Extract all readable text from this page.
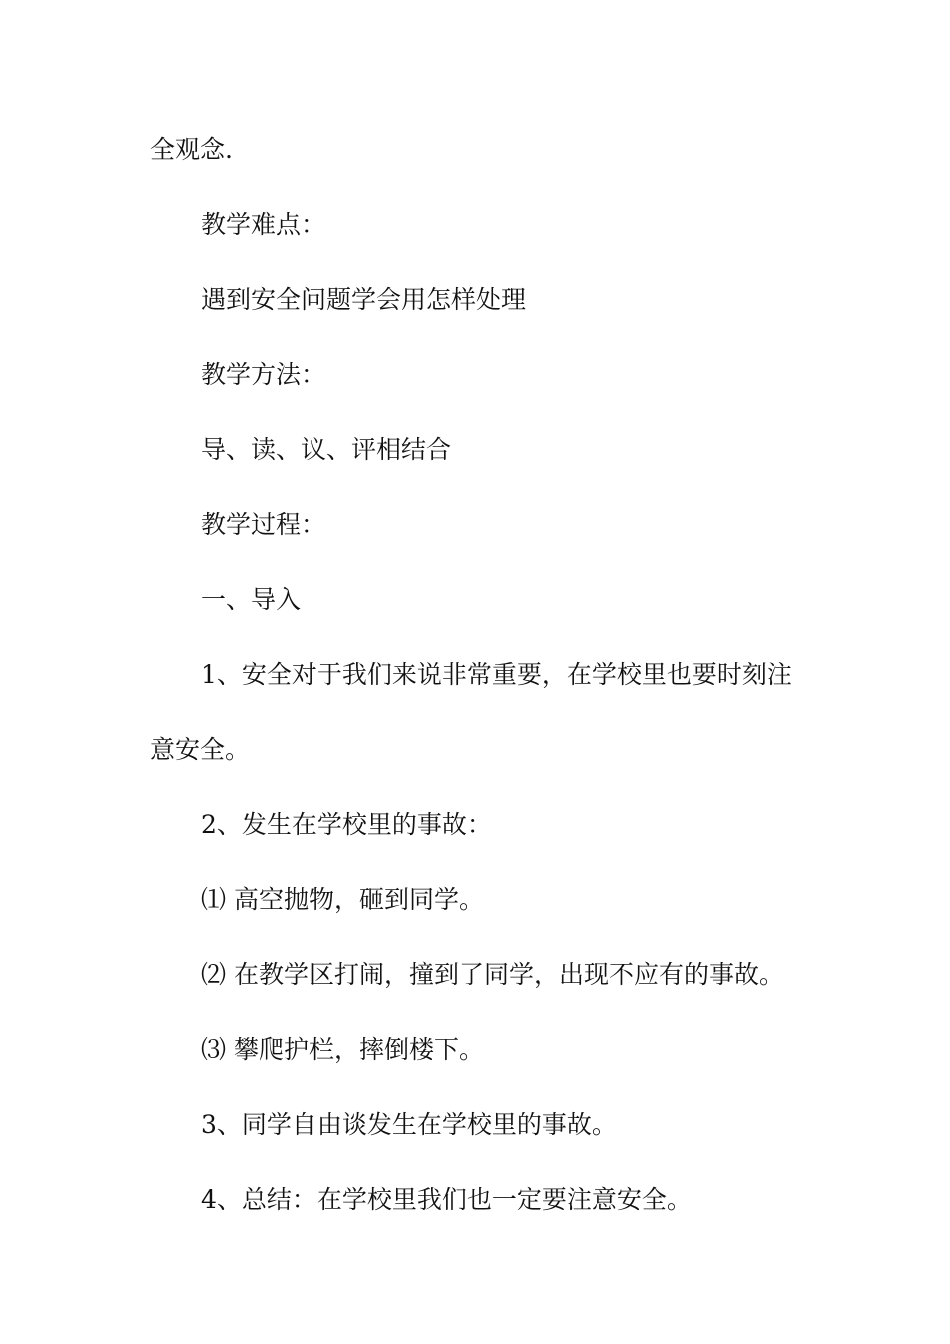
全观念.
教学难点：
遇到安全问题学会用怎样处理
教学方法：
导、读、议、评相结合
教学过程：
一、导入
1、安全对于我们来说非常重要，在学校里也要时刻注
意安全。
2、发生在学校里的事故：
⑴ 高空抛物，砸到同学。
⑵ 在教学区打闹，撞到了同学，出现不应有的事故。
⑶ 攀爬护栏，摔倒楼下。
3、同学自由谈发生在学校里的事故。
4、总结：在学校里我们也一定要注意安全。
